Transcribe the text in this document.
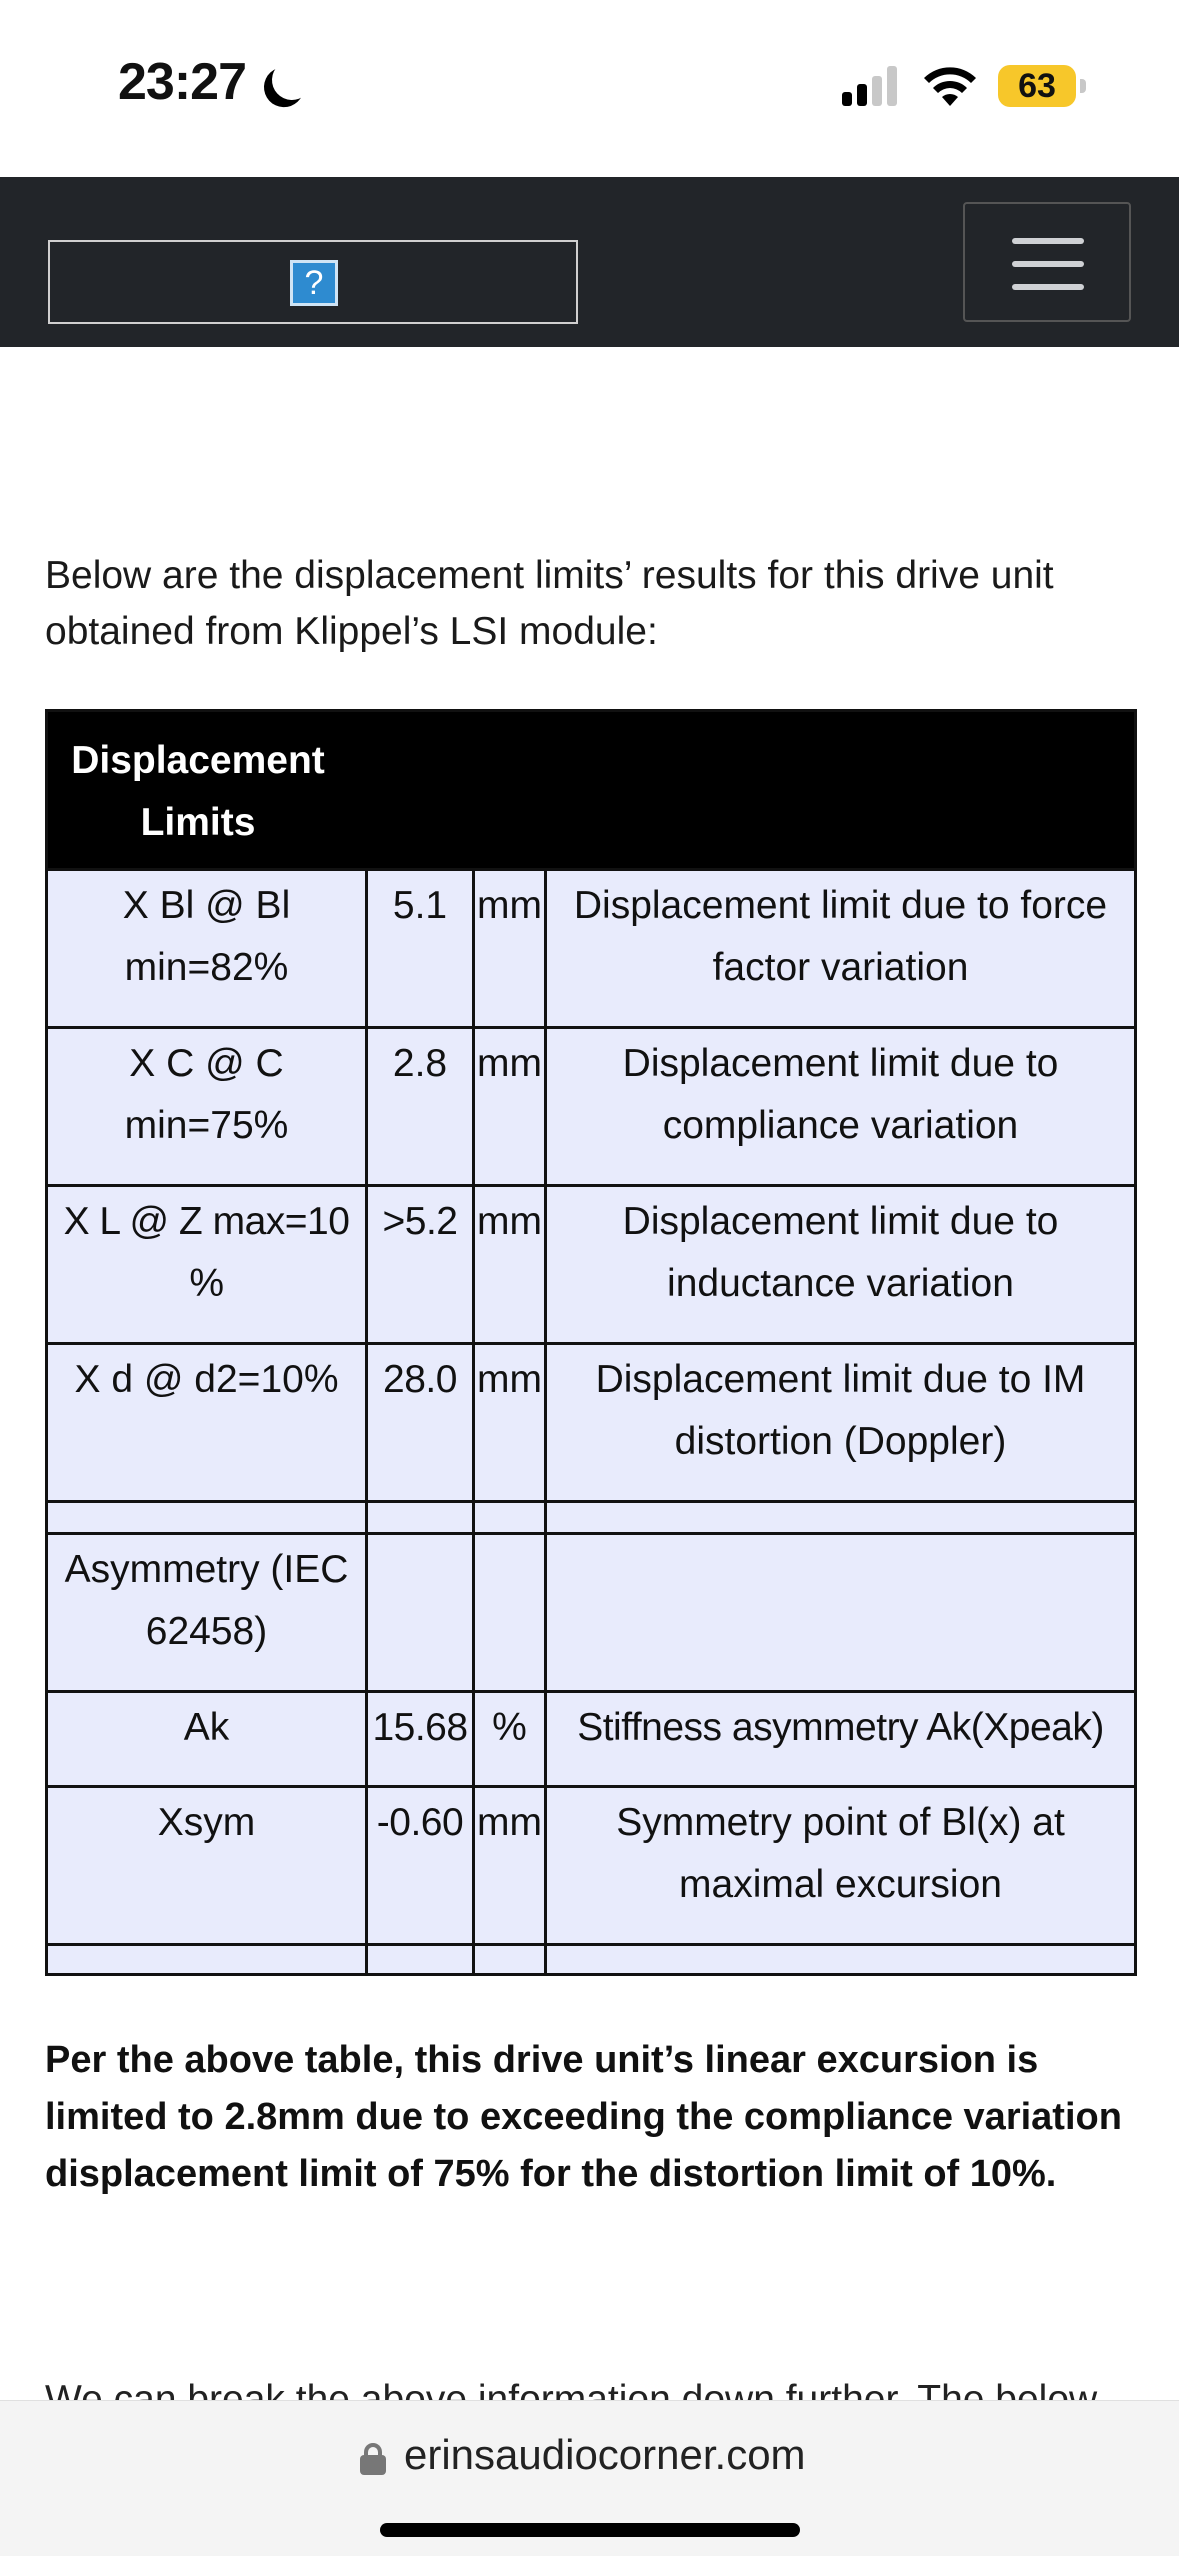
23:27	63
?

Below are the displacement limits’ results for this drive unit obtained from Klippel’s LSI module:

Displacement Limits			
X Bl @ Bl min=82%	5.1	mm	Displacement limit due to force factor variation
X C @ C min=75%	2.8	mm	Displacement limit due to compliance variation
X L @ Z max=10 %	>5.2	mm	Displacement limit due to inductance variation
X d @ d2=10%	28.0	mm	Displacement limit due to IM distortion (Doppler)

Asymmetry (IEC 62458)			
Ak	15.68	%	Stiffness asymmetry Ak(Xpeak)
Xsym	-0.60	mm	Symmetry point of Bl(x) at maximal excursion

Per the above table, this drive unit’s linear excursion is limited to 2.8mm due to exceeding the compliance variation displacement limit of 75% for the distortion limit of 10%.

erinsaudiocorner.com
